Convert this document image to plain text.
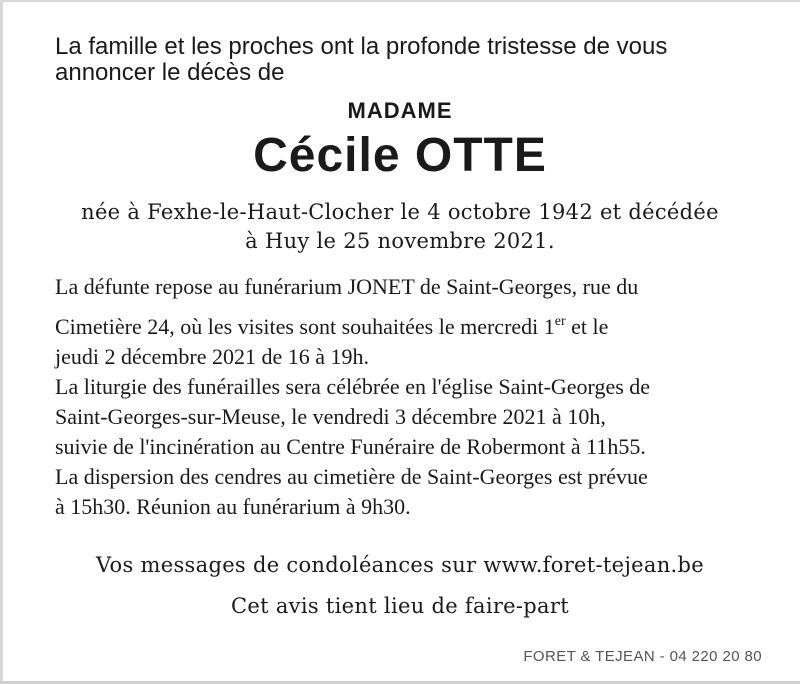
La famille et les proches ont la profonde tristesse de vous
annoncer le décès de
MADAME
Cécile OTTE
née à Fexhe-le-Haut-Clocher le 4 octobre 1942 et décédée
à Huy le 25 novembre 2021.
La défunte repose au funérarium JONET de Saint-Georges, rue du
Cimetière 24, où les visites sont souhaitées le mercredi 1er et le
jeudi 2 décembre 2021 de 16 à 19h.
La liturgie des funérailles sera célébrée en l'église Saint-Georges de
Saint-Georges-sur-Meuse, le vendredi 3 décembre 2021 à 10h,
suivie de l'incinération au Centre Funéraire de Robermont à 11h55.
La dispersion des cendres au cimetière de Saint-Georges est prévue
à 15h30. Réunion au funérarium à 9h30.
Vos messages de condoléances sur www.foret-tejean.be
Cet avis tient lieu de faire-part
FORET & TEJEAN - 04 220 20 80
